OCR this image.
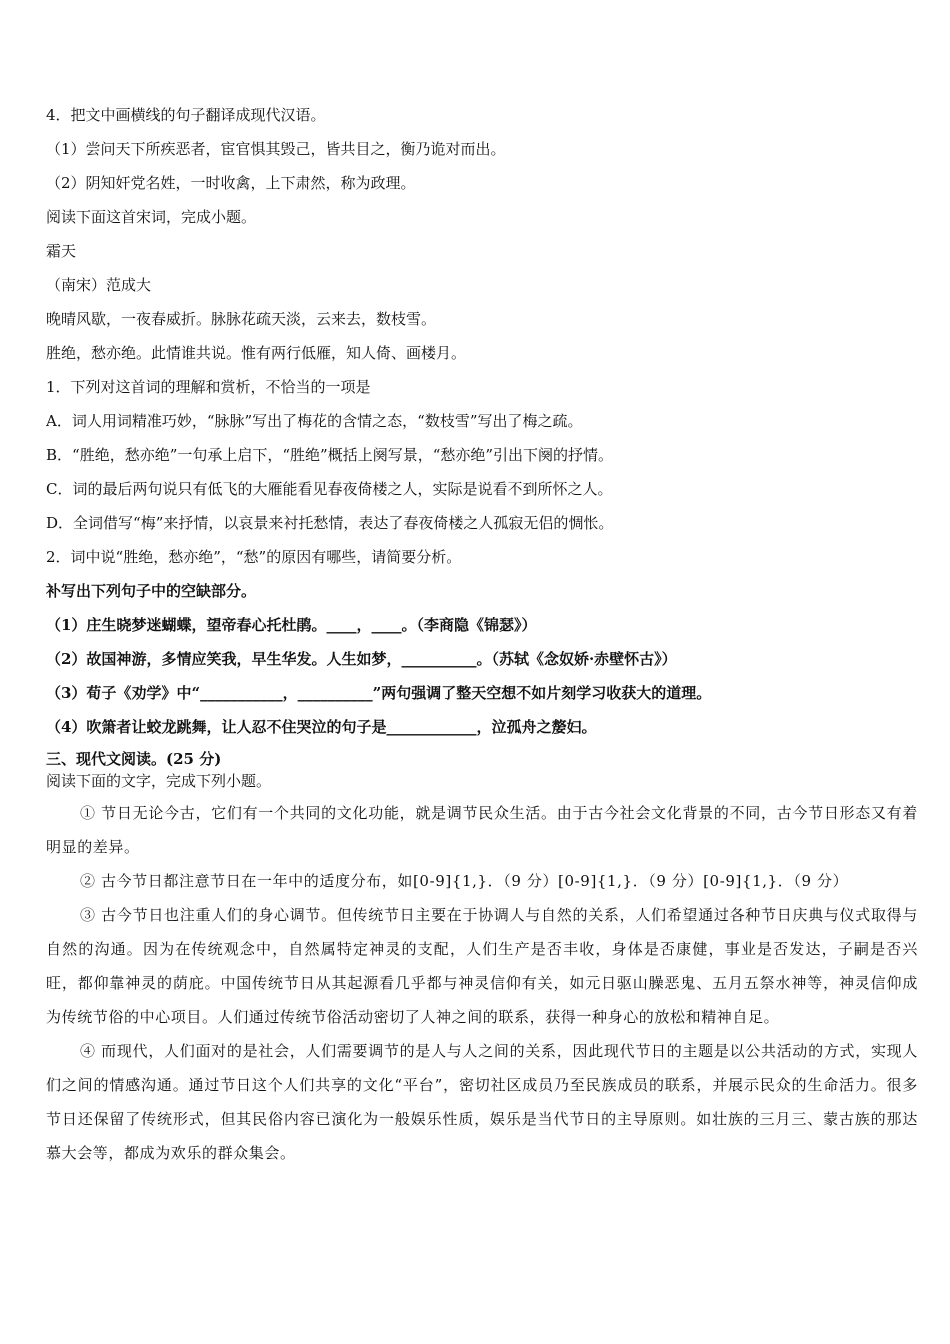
4．把文中画横线的句子翻译成现代汉语。
（1）尝问天下所疾恶者，宦官惧其毁己，皆共目之，衡乃诡对而出。
（2）阴知奸党名姓，一时收禽，上下肃然，称为政理。
阅读下面这首宋词，完成小题。
霜天
（南宋）范成大
晚晴风歇，一夜春威折。脉脉花疏天淡，云来去，数枝雪。
胜绝，愁亦绝。此情谁共说。惟有两行低雁，知人倚、画楼月。
1．下列对这首词的理解和赏析，不恰当的一项是
A．词人用词精准巧妙，“脉脉”写出了梅花的含情之态，“数枝雪”写出了梅之疏。
B．“胜绝，愁亦绝”一句承上启下，“胜绝”概括上阕写景，“愁亦绝”引出下阕的抒情。
C．词的最后两句说只有低飞的大雁能看见春夜倚楼之人，实际是说看不到所怀之人。
D．全词借写“梅”来抒情，以哀景来衬托愁情，表达了春夜倚楼之人孤寂无侣的惆怅。
2．词中说“胜绝，愁亦绝”，“愁”的原因有哪些，请简要分析。
补写出下列句子中的空缺部分。
（1）庄生晓梦迷蝴蝶，望帝春心托杜鹃。____，____。（李商隐《锦瑟》）
（2）故国神游，多情应笑我，早生华发。人生如梦，__________。（苏轼《念奴娇·赤壁怀古》）
（3）荀子《劝学》中“___________，__________”两句强调了整天空想不如片刻学习收获大的道理。
（4）吹箫者让蛟龙跳舞，让人忍不住哭泣的句子是____________，泣孤舟之嫠妇。
三、现代文阅读。(25 分)
阅读下面的文字，完成下列小题。
① 节日无论今古，它们有一个共同的文化功能，就是调节民众生活。由于古今社会文化背景的不同，古今节日形态又有着明显的差异。
② 古今节日都注意节日在一年中的适度分布，如[0-9]{1,}．（9 分）[0-9]{1,}．（9 分）[0-9]{1,}．（9 分）
③ 古今节日也注重人们的身心调节。但传统节日主要在于协调人与自然的关系，人们希望通过各种节日庆典与仪式取得与自然的沟通。因为在传统观念中，自然属特定神灵的支配，人们生产是否丰收，身体是否康健，事业是否发达，子嗣是否兴旺，都仰靠神灵的荫庇。中国传统节日从其起源看几乎都与神灵信仰有关，如元日驱山臊恶鬼、五月五祭水神等，神灵信仰成为传统节俗的中心项目。人们通过传统节俗活动密切了人神之间的联系，获得一种身心的放松和精神自足。
④ 而现代，人们面对的是社会，人们需要调节的是人与人之间的关系，因此现代节日的主题是以公共活动的方式，实现人们之间的情感沟通。通过节日这个人们共享的文化“平台”，密切社区成员乃至民族成员的联系，并展示民众的生命活力。很多节日还保留了传统形式，但其民俗内容已演化为一般娱乐性质，娱乐是当代节日的主导原则。如壮族的三月三、蒙古族的那达慕大会等，都成为欢乐的群众集会。
